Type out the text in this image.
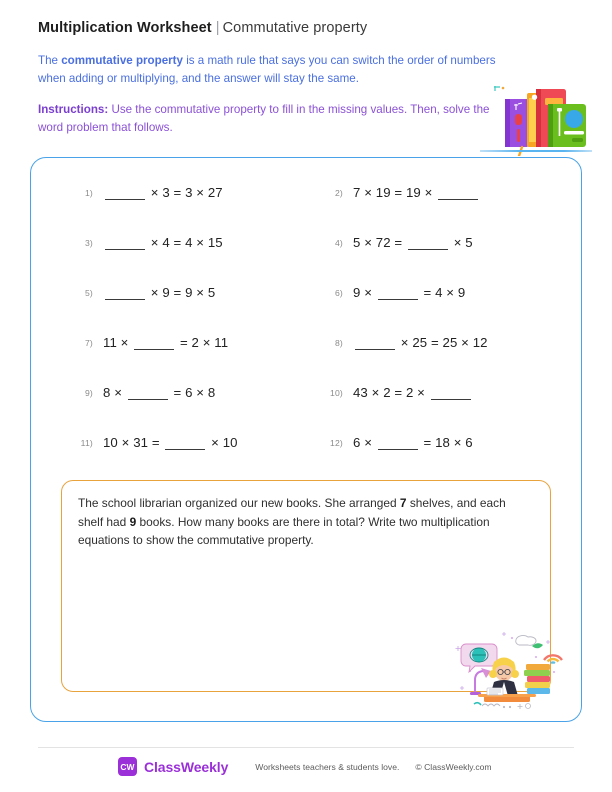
Multiplication Worksheet | Commutative property
The commutative property is a math rule that says you can switch the order of numbers when adding or multiplying, and the answer will stay the same.
Instructions: Use the commutative property to fill in the missing values. Then, solve the word problem that follows.
1)	× 3 = 3 × 27	2) 7 × 19 = 19 ×
3)	× 4 = 4 × 15	4) 5 × 72 =	× 5
5)	× 9 = 9 × 5	6) 9 ×	= 4 × 9
7) 11 ×	= 2 × 11	8)	× 25 = 25 × 12
9) 8 ×	= 6 × 8	10) 43 × 2 = 2 ×
11) 10 × 31 =	× 10	12) 6 ×	= 18 × 6
The school librarian organized our new books. She arranged 7 shelves, and each shelf had 9 books. How many books are there in total? Write two multiplication equations to show the commutative property.
CW ClassWeekly	Worksheets teachers & students love. © ClassWeekly.com
